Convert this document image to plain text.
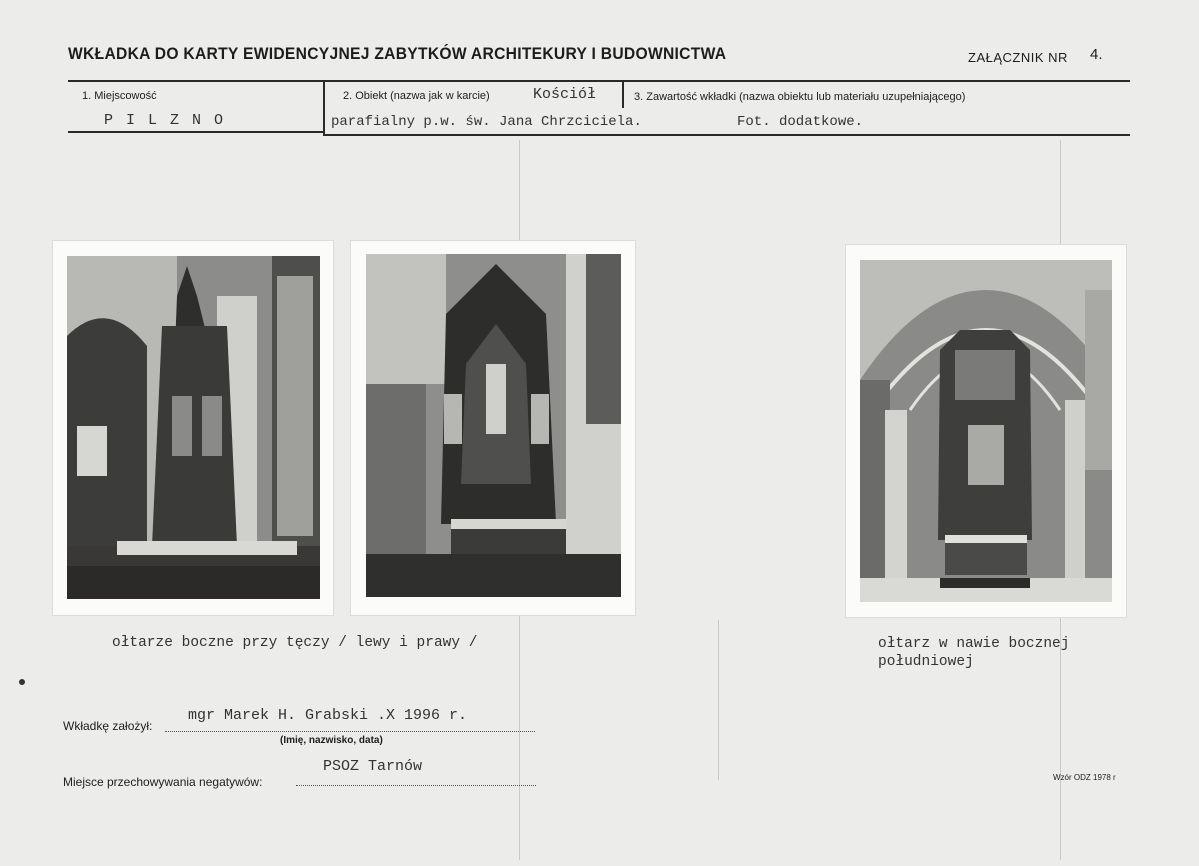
WKŁADKA DO KARTY EWIDENCYJNEJ ZABYTKÓW ARCHITEKURY I BUDOWNICTWA	ZAŁĄCZNIK NR 4.
1. Miejscowość
P I L Z N O
2. Obiekt (nazwa jak w karcie)	Kościół
parafialny p.w. św. Jana Chrzciciela.
3. Zawartość wkładki (nazwa obiektu lub materiału uzupełniającego)
Fot. dodatkowe.
ołtarze boczne przy tęczy / lewy i prawy /	ołtarz w nawie bocznej
południowej
Wkładkę założył:
mgr Marek H. Grabski .X 1996 r.
(Imię, nazwisko, data)
Miejsce przechowywania negatywów:
PSOZ Tarnów
Wzór ODZ 1978 r
